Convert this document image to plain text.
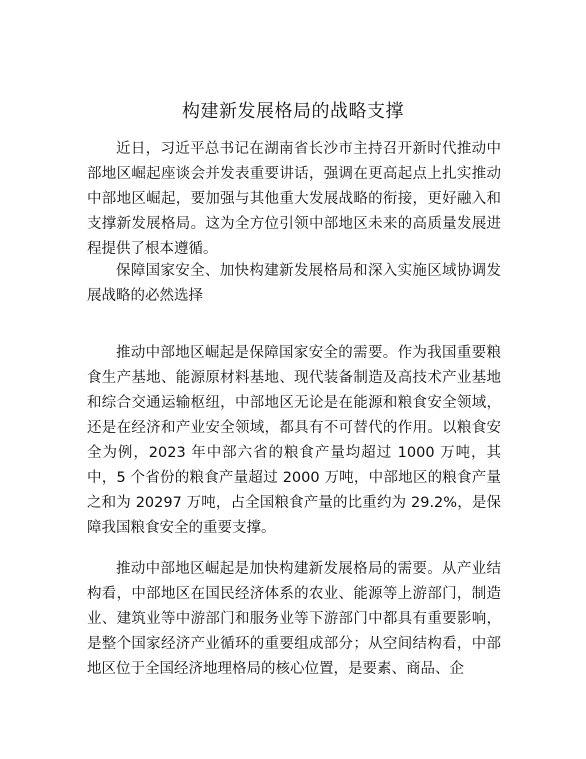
构建新发展格局的战略支撑

近日，习近平总书记在湖南省长沙市主持召开新时代推动中部地区崛起座谈会并发表重要讲话，强调在更高起点上扎实推动中部地区崛起，要加强与其他重大发展战略的衔接，更好融入和支撑新发展格局。这为全方位引领中部地区未来的高质量发展进程提供了根本遵循。

保障国家安全、加快构建新发展格局和深入实施区域协调发展战略的必然选择

推动中部地区崛起是保障国家安全的需要。作为我国重要粮食生产基地、能源原材料基地、现代装备制造及高技术产业基地和综合交通运输枢纽，中部地区无论是在能源和粮食安全领域，还是在经济和产业安全领域，都具有不可替代的作用。以粮食安全为例，2023 年中部六省的粮食产量均超过 1000 万吨，其中，5 个省份的粮食产量超过 2000 万吨，中部地区的粮食产量之和为 20297 万吨，占全国粮食产量的比重约为 29.2%，是保障我国粮食安全的重要支撑。

推动中部地区崛起是加快构建新发展格局的需要。从产业结构看，中部地区在国民经济体系的农业、能源等上游部门，制造业、建筑业等中游部门和服务业等下游部门中都具有重要影响，是整个国家经济产业循环的重要组成部分；从空间结构看，中部地区位于全国经济地理格局的核心位置，是要素、商品、企
